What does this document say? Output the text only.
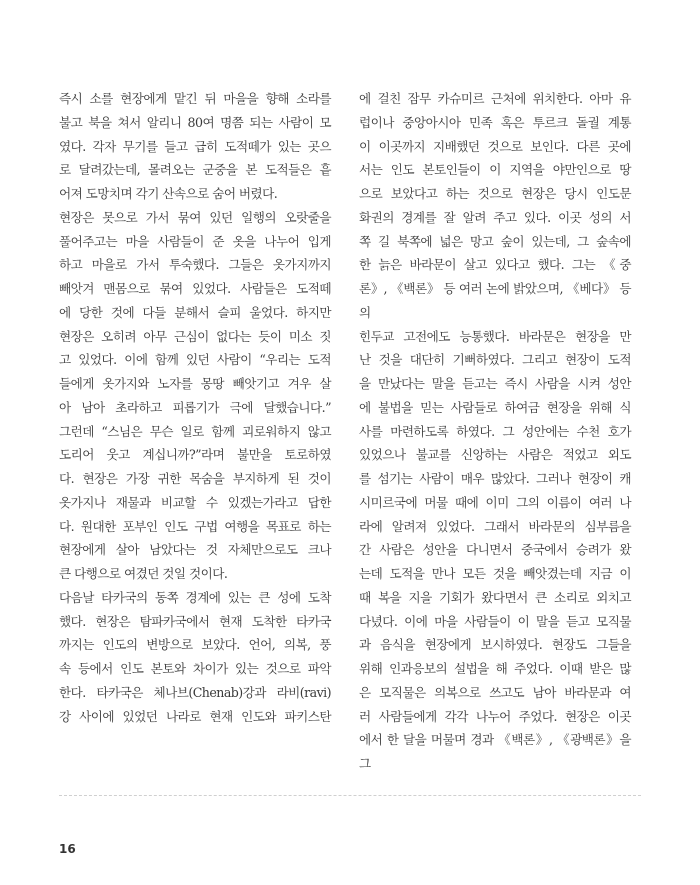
즉시 소를 현장에게 맡긴 뒤 마을을 향해 소라를

불고 북을 쳐서 알리니 80여 명쯤 되는 사람이 모

였다. 각자 무기를 들고 급히 도적떼가 있는 곳으

로 달려갔는데, 몰려오는 군중을 본 도적들은 흩

어져 도망치며 각기 산속으로 숨어 버렸다.

현장은 못으로 가서 묶여 있던 일행의 오랏줄을

풀어주고는 마을 사람들이 준 옷을 나누어 입게

하고 마을로 가서 투숙했다. 그들은 옷가지까지

빼앗겨 맨몸으로 묶여 있었다. 사람들은 도적떼

에 당한 것에 다들 분해서 슬피 울었다. 하지만

현장은 오히려 아무 근심이 없다는 듯이 미소 짓

고 있었다. 이에 함께 있던 사람이 “우리는 도적

들에게 옷가지와 노자를 몽땅 빼앗기고 겨우 살

아 남아 초라하고 피롭기가 극에 달했습니다.”

그런데 “스님은 무슨 일로 함께 괴로워하지 않고

도리어 웃고 계십니까?”라며 불만을 토로하였

다. 현장은 가장 귀한 목숨을 부지하게 된 것이

옷가지나 재물과 비교할 수 있겠는가라고 답한

다. 원대한 포부인 인도 구법 여행을 목표로 하는

현장에게 살아 남았다는 것 자체만으로도 크나

큰 다행으로 여겼던 것일 것이다.

다음날 타카국의 동쪽 경계에 있는 큰 성에 도착

했다. 현장은 탐파카국에서 현재 도착한 타카국

까지는 인도의 변방으로 보았다. 언어, 의복, 풍

속 등에서 인도 본토와 차이가 있는 것으로 파악

한다. 타카국은 체나브(Chenab)강과 라비(ravi)

강 사이에 있었던 나라로 현재 인도와 파키스탄

에 걸친 잠무 카슈미르 근처에 위치한다. 아마 유

럽이나 중앙아시아 민족 혹은 투르크 돌궐 계통

이 이곳까지 지배했던 것으로 보인다. 다른 곳에

서는 인도 본토인들이 이 지역을 야만인으로 땅

으로 보았다고 하는 것으로 현장은 당시 인도문

화권의 경계를 잘 알려 주고 있다. 이곳 성의 서

쪽 길 북쪽에 넓은 망고 숲이 있는데, 그 숲속에

한 늙은 바라문이 살고 있다고 했다. 그는 《중

론》, 《백론》 등 여러 논에 밝았으며, 《베다》 등의

힌두교 고전에도 능통했다. 바라문은 현장을 만

난 것을 대단히 기뻐하였다. 그리고 현장이 도적

을 만났다는 말을 듣고는 즉시 사람을 시켜 성안

에 불법을 믿는 사람들로 하여금 현장을 위해 식

사를 마련하도록 하였다. 그 성안에는 수천 호가

있었으나 불교를 신앙하는 사람은 적었고 외도

를 섬기는 사람이 매우 많았다. 그러나 현장이 캐

시미르국에 머물 때에 이미 그의 이름이 여러 나

라에 알려져 있었다. 그래서 바라문의 심부름을

간 사람은 성안을 다니면서 중국에서 승려가 왔

는데 도적을 만나 모든 것을 빼앗겼는데 지금 이

때 복을 지을 기회가 왔다면서 큰 소리로 외치고

다녔다. 이에 마을 사람들이 이 말을 듣고 모직물

과 음식을 현장에게 보시하였다. 현장도 그들을

위해 인과응보의 설법을 해 주었다. 이때 받은 많

은 모직물은 의복으로 쓰고도 남아 바라문과 여

러 사람들에게 각각 나누어 주었다. 현장은 이곳

에서 한 달을 머물며 경과 《백론》, 《광백론》을 그

16
